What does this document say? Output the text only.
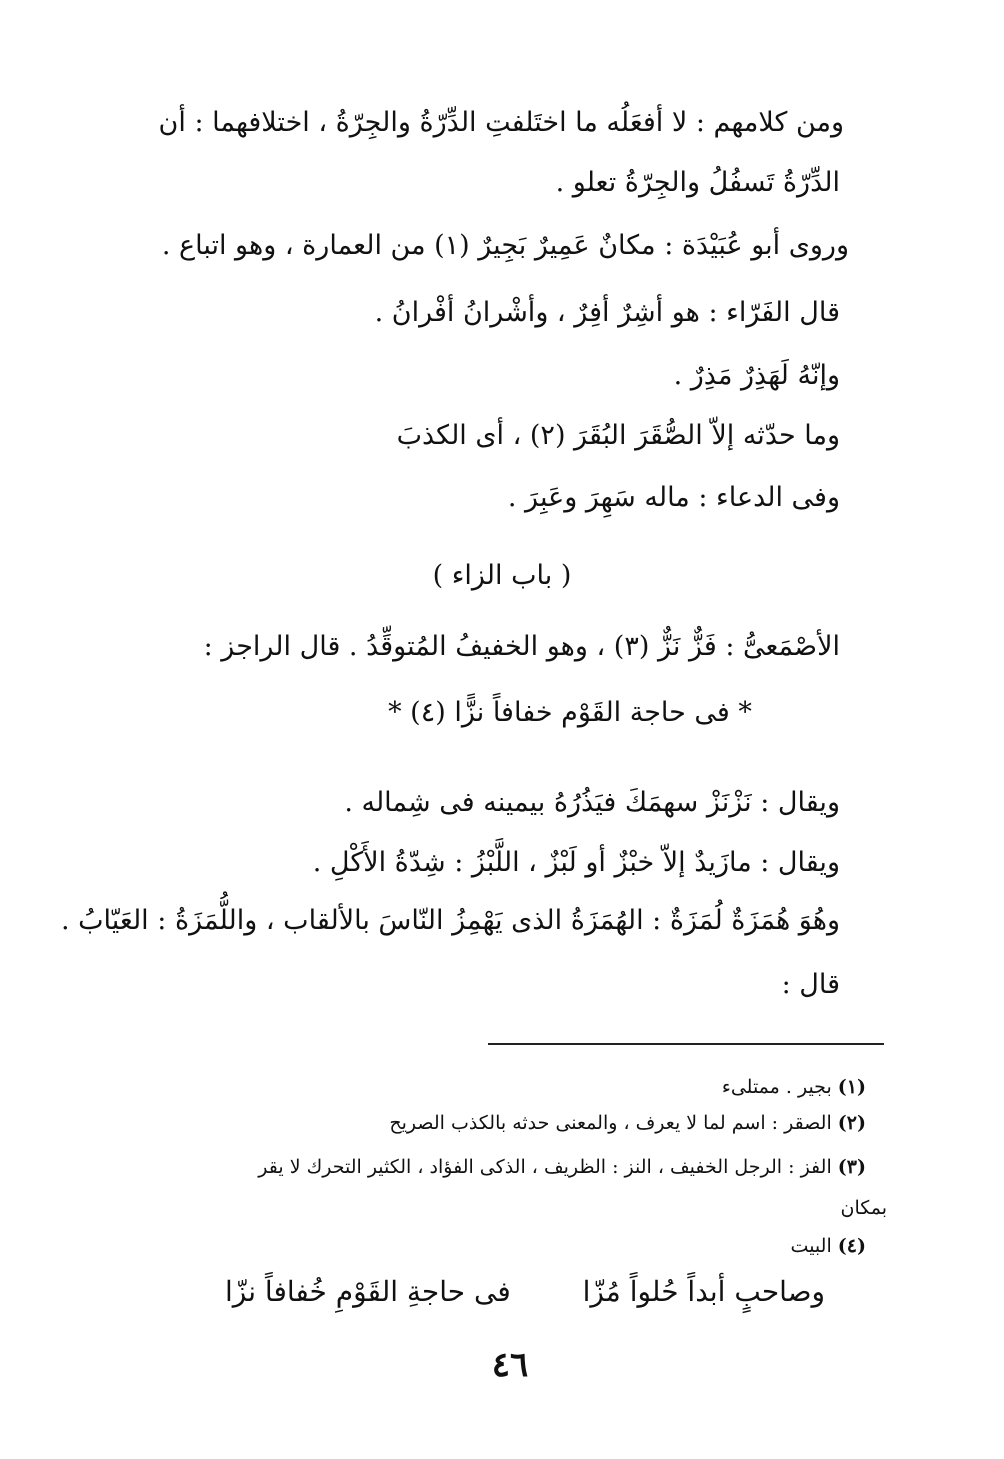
ومن كلامهم : لا أفعَلُه ما اختَلفتِ الدِّرّةُ والجِرّةُ ، اختلافهما : أن
الدِّرّةُ تَسفُلُ والجِرّةُ تعلو .
وروى أبو عُبَيْدَة : مكانٌ عَمِيرٌ بَجِيرٌ (١) من العمارة ، وهو اتباع .
قال الفَرّاء : هو أشِرٌ أفِرٌ ، وأشْرانُ أفْرانُ .
وإنّهُ لَهَذِرٌ مَذِرٌ .
وما حدّثه إلاّ الصُّقَرَ البُقَرَ (٢) ، أى الكذبَ
وفى الدعاء : ماله سَهِرَ وعَبِرَ .
( باب الزاء )
الأصْمَعىُّ : فَزٌّ نَزٌّ (٣) ، وهو الخفيفُ المُتوقِّدُ . قال الراجز :
* فى حاجة القَوْم خفافاً نزًّا (٤) *
ويقال : نَزْنَزْ سهمَكَ فيَذُرُهُ بيمينه فى شِماله .
ويقال : مازَيدٌ إلاّ خبْزٌ أو لَبْزٌ ، اللَّبْزُ : شِدّةُ الأَكْلِ .
وهُوَ هُمَزَةٌ لُمَزَةٌ : الهُمَزَةُ الذى يَهْمِزُ النّاسَ بالألقاب ، واللُّمَزَةُ : العَيّابُ .
قال :
(١) بجير . ممتلىء
(٢) الصقر : اسم لما لا يعرف ، والمعنى حدثه بالكذب الصريح
(٣) الفز : الرجل الخفيف ، النز : الظريف ، الذكى الفؤاد ، الكثير التحرك لا يقر
بمكان
(٤) البيت
وصاحبٍ أبداً حُلواً مُزّا
فى حاجةِ القَوْمِ خُفافاً نزّا
٤٦
